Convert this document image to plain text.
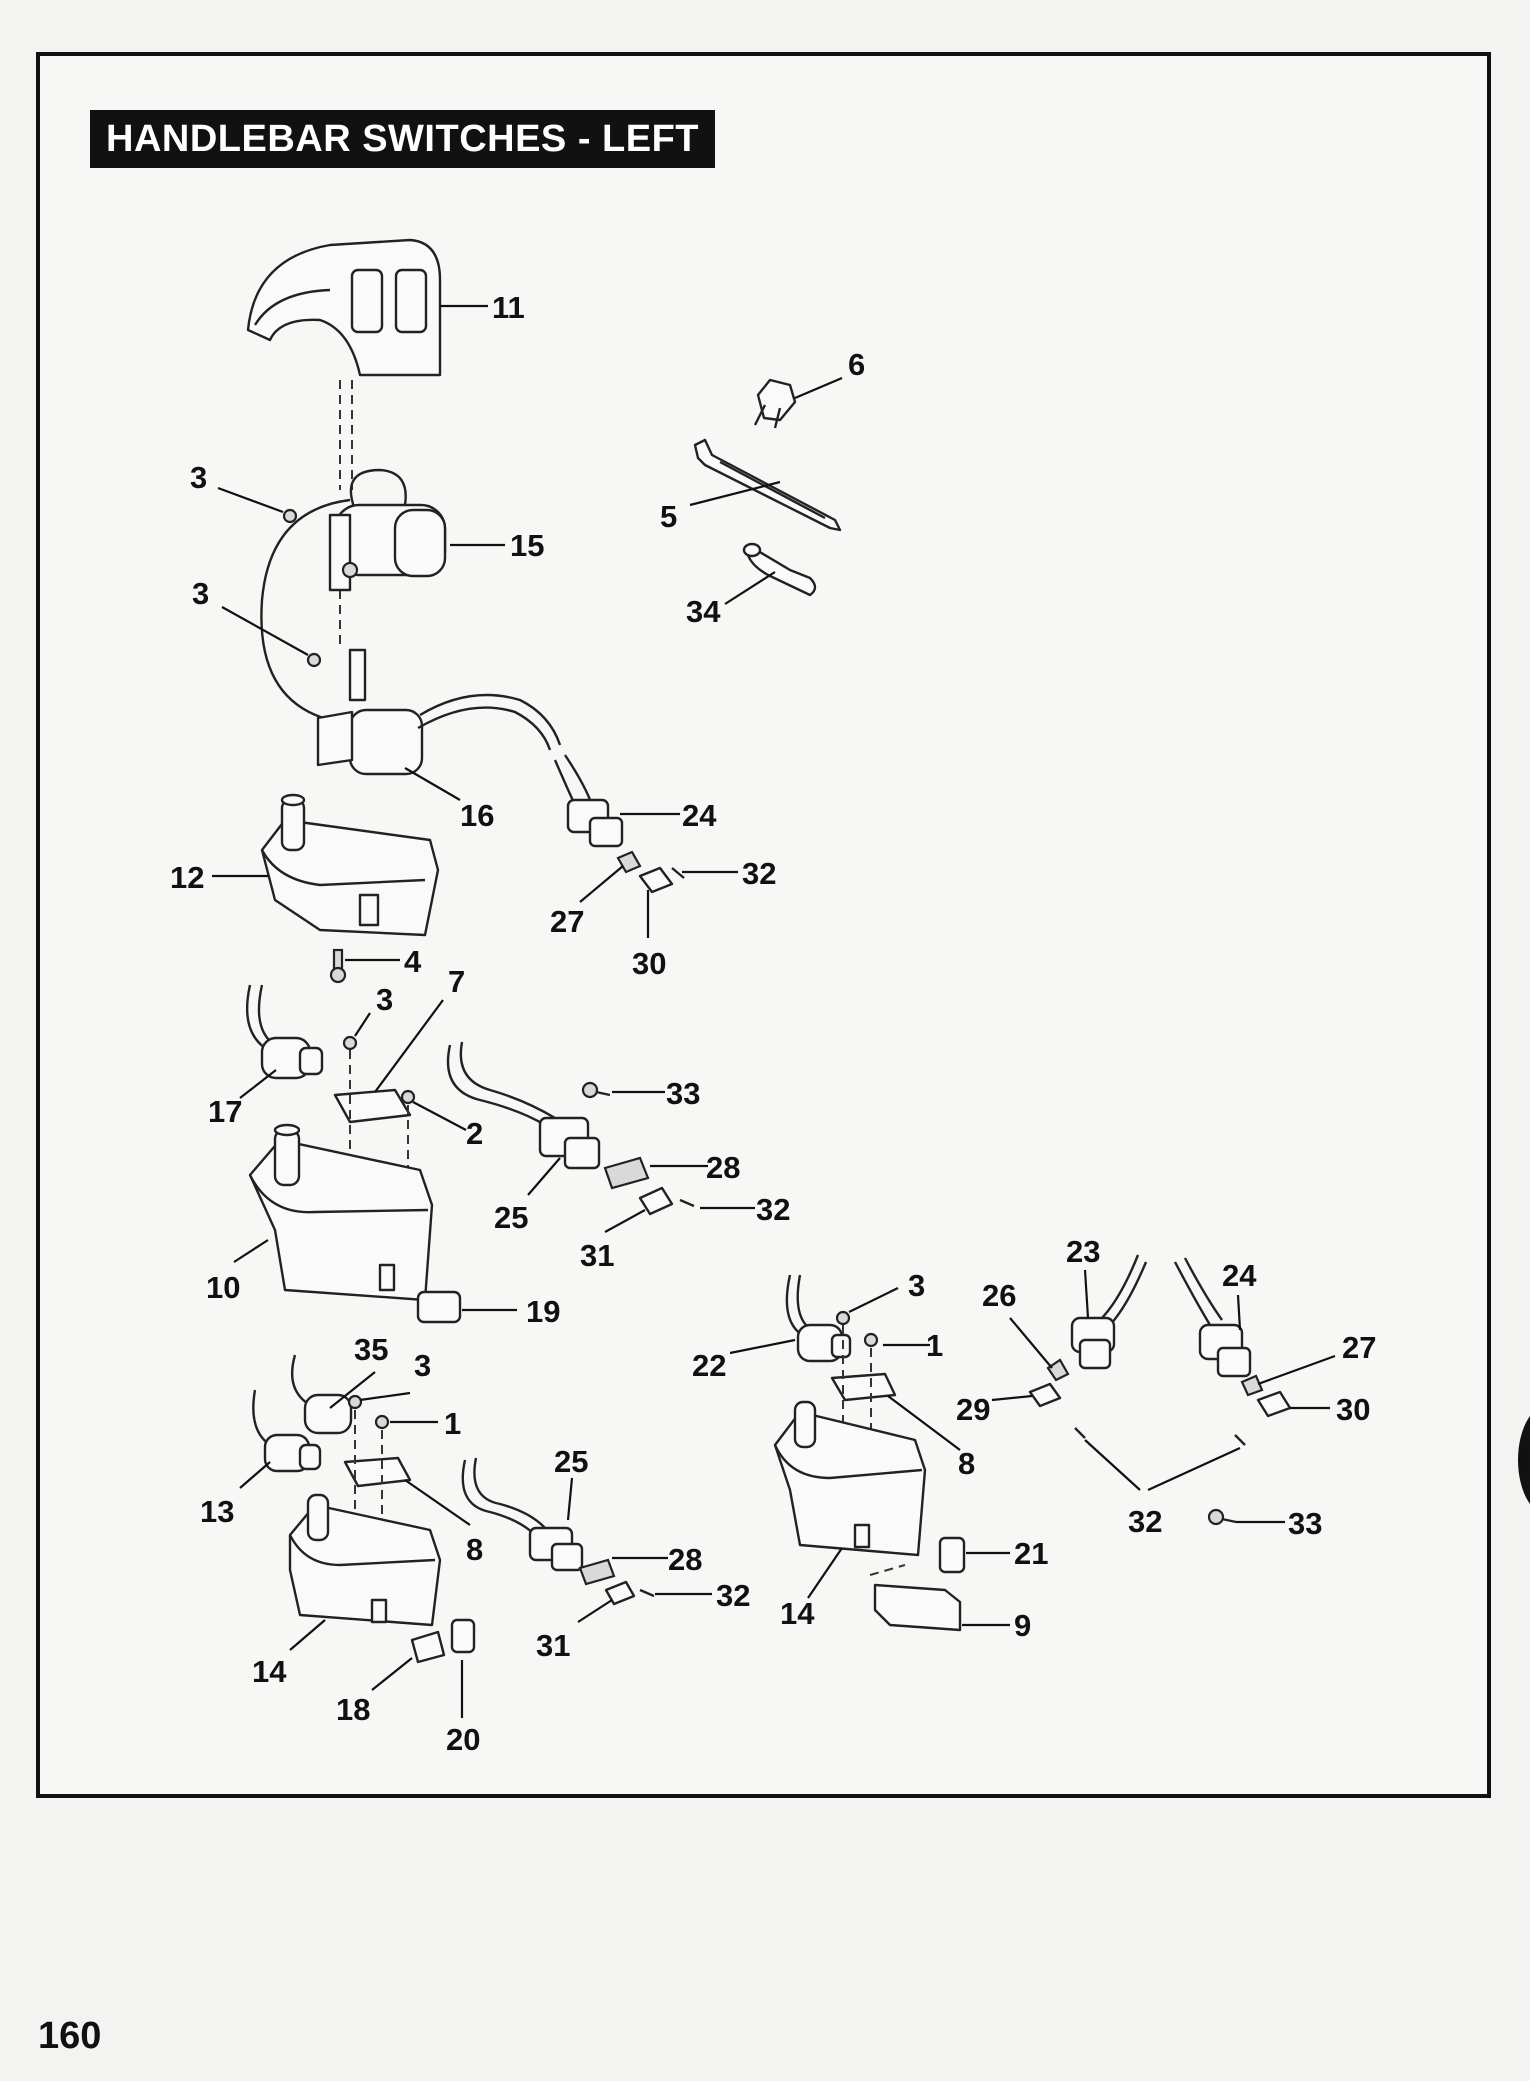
HANDLEBAR SWITCHES - LEFT
160
11
6
3
5
15
3
34
16	24
12	32
27
4	30
3
7
33
17
2
28
25	32
31
10
19
23
24
3 26
1
22
27
29	30
8
35 3
1
13
25
8	28
32
14
31
18
20
32	33
21
14	9
